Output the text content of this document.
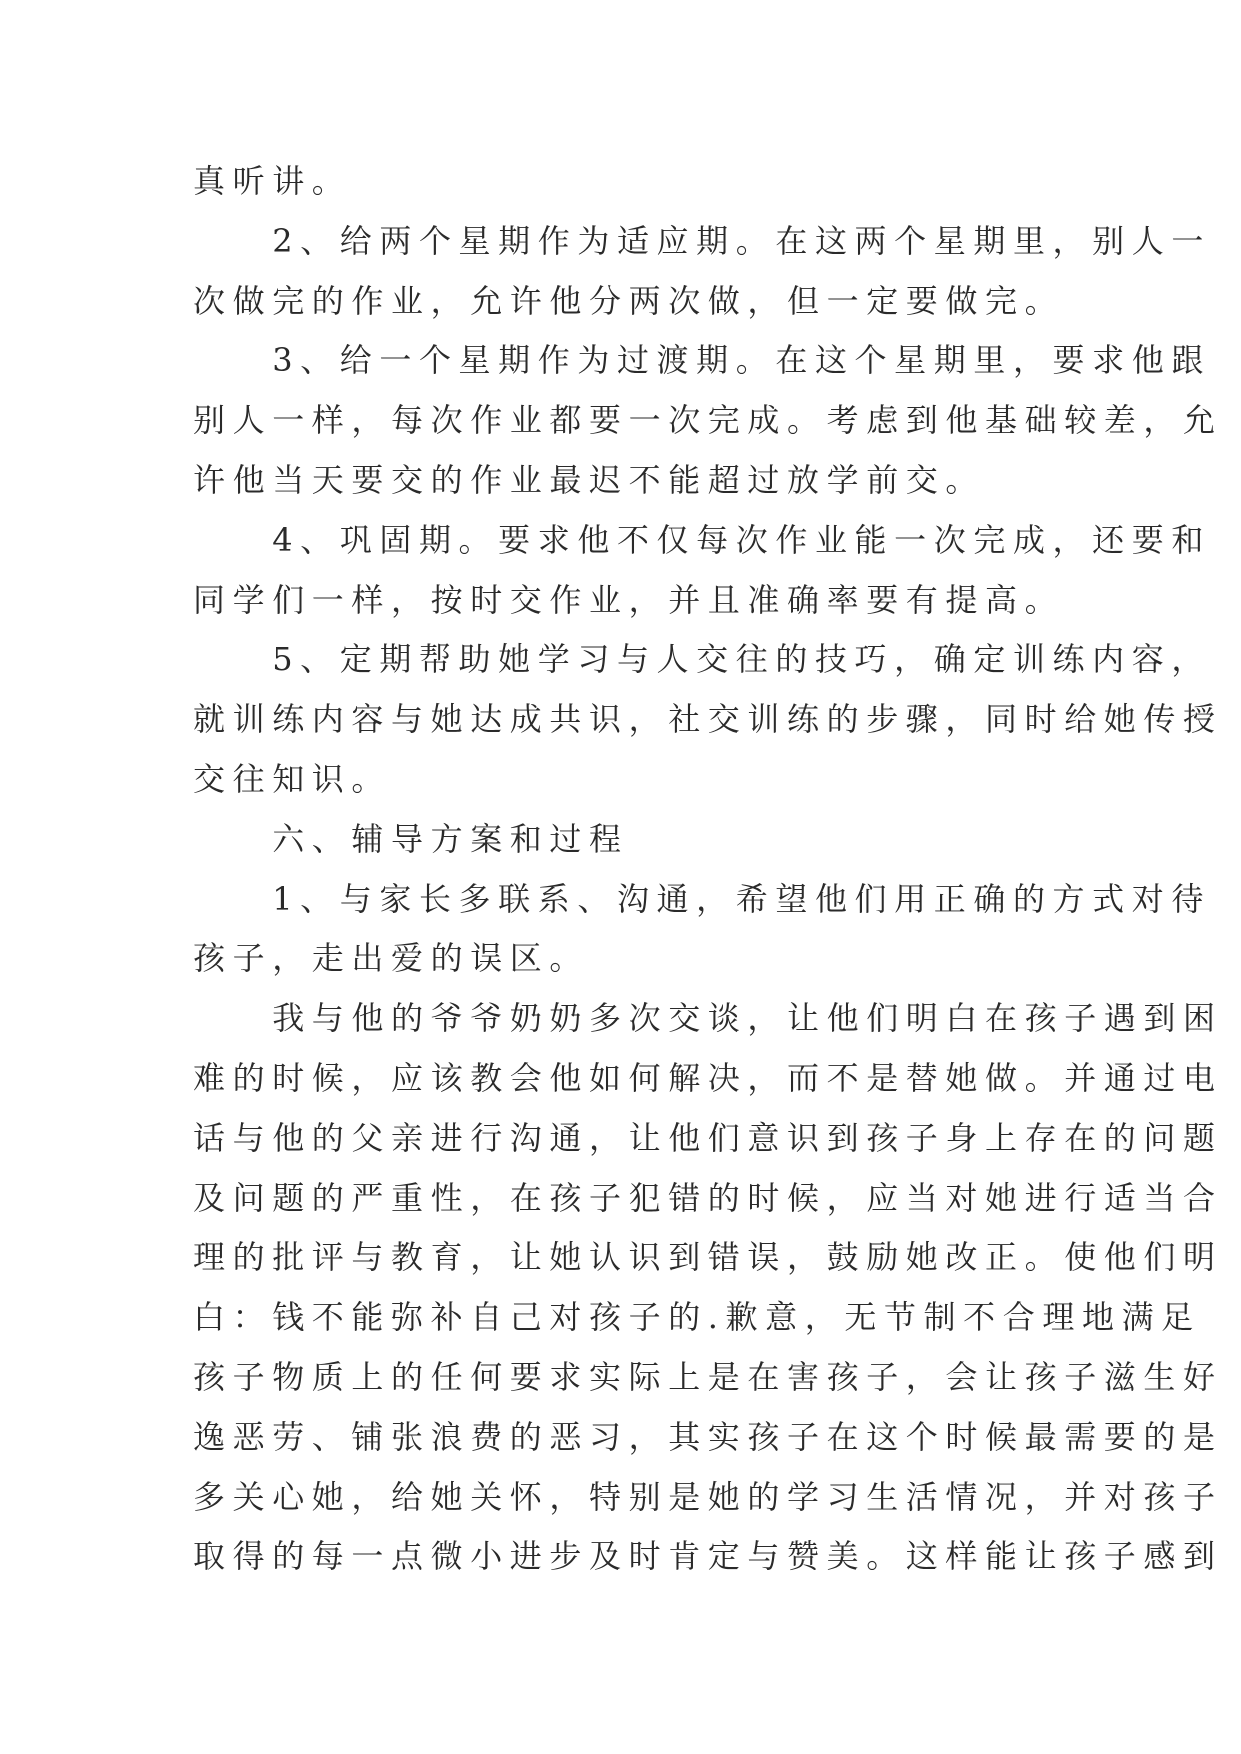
真听讲。
　　2、给两个星期作为适应期。在这两个星期里，别人一
次做完的作业，允许他分两次做，但一定要做完。
　　3、给一个星期作为过渡期。在这个星期里，要求他跟
别人一样，每次作业都要一次完成。考虑到他基础较差，允
许他当天要交的作业最迟不能超过放学前交。
　　4、巩固期。要求他不仅每次作业能一次完成，还要和
同学们一样，按时交作业，并且准确率要有提高。
　　5、定期帮助她学习与人交往的技巧，确定训练内容，
就训练内容与她达成共识，社交训练的步骤，同时给她传授
交往知识。
　　六、辅导方案和过程
　　1、与家长多联系、沟通，希望他们用正确的方式对待
孩子，走出爱的误区。
　　我与他的爷爷奶奶多次交谈，让他们明白在孩子遇到困
难的时候，应该教会他如何解决，而不是替她做。并通过电
话与他的父亲进行沟通，让他们意识到孩子身上存在的问题
及问题的严重性，在孩子犯错的时候，应当对她进行适当合
理的批评与教育，让她认识到错误，鼓励她改正。使他们明
白：钱不能弥补自己对孩子的.歉意，无节制不合理地满足
孩子物质上的任何要求实际上是在害孩子，会让孩子滋生好
逸恶劳、铺张浪费的恶习，其实孩子在这个时候最需要的是
多关心她，给她关怀，特别是她的学习生活情况，并对孩子
取得的每一点微小进步及时肯定与赞美。这样能让孩子感到
